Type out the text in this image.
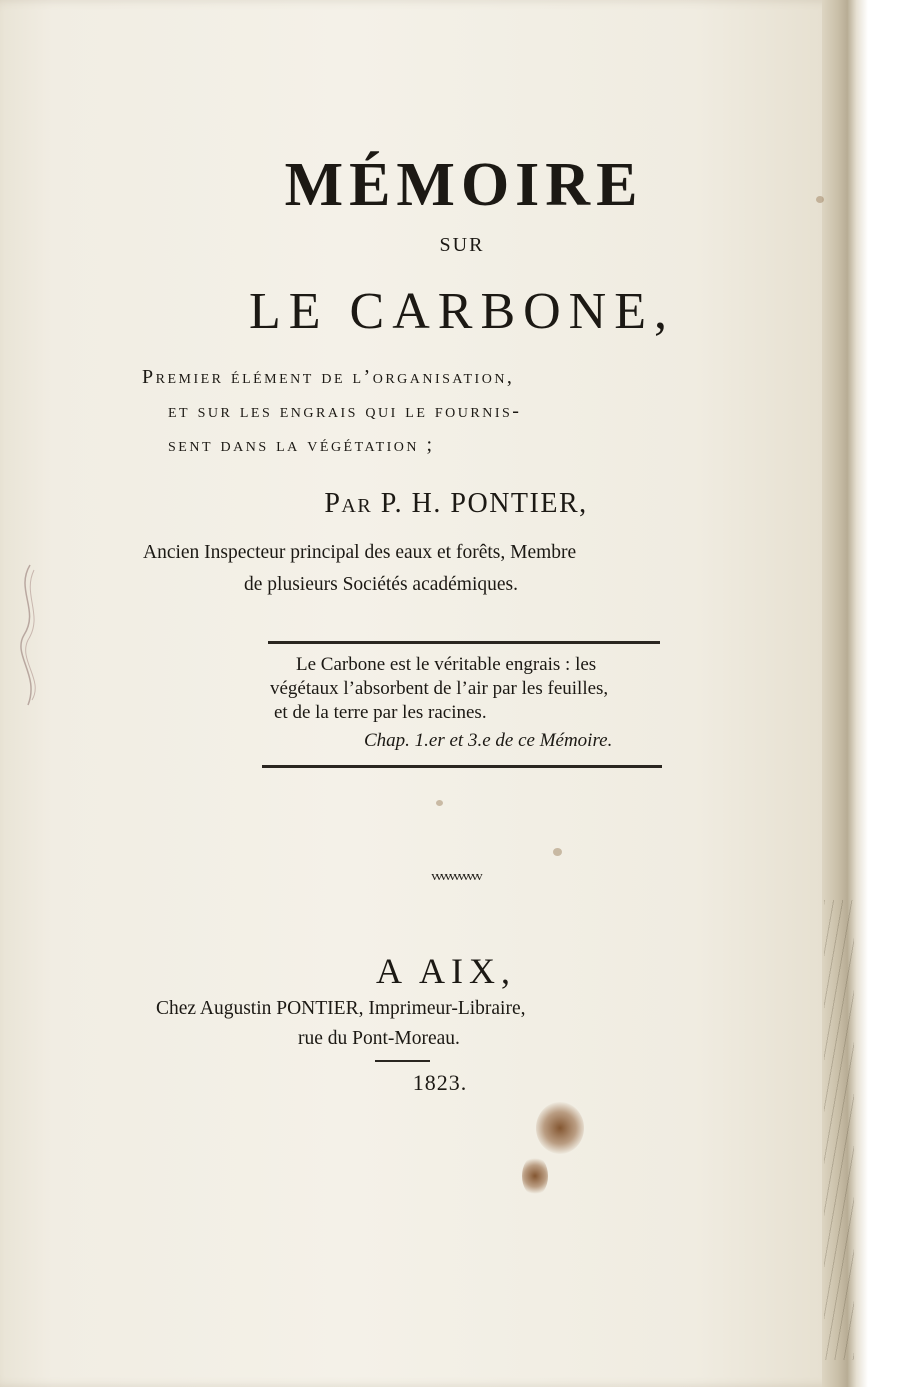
MÉMOIRE
SUR
LE CARBONE,
Premier élément de l’organisation,
et sur les engrais qui le fournis-
sent dans la végétation ;
Par P. H. PONTIER,
Ancien Inspecteur principal des eaux et forêts, Membre
de plusieurs Sociétés académiques.
Le Carbone est le véritable engrais : les
végétaux l’absorbent de l’air par les feuilles,
et de la terre par les racines.
Chap. 1.er et 3.e de ce Mémoire.
ᵥᵥᵥᵥᵥᵥᵥᵥᵥᵥᵥ
A AIX,
Chez Augustin PONTIER, Imprimeur-Libraire,
rue du Pont-Moreau.
1823.
